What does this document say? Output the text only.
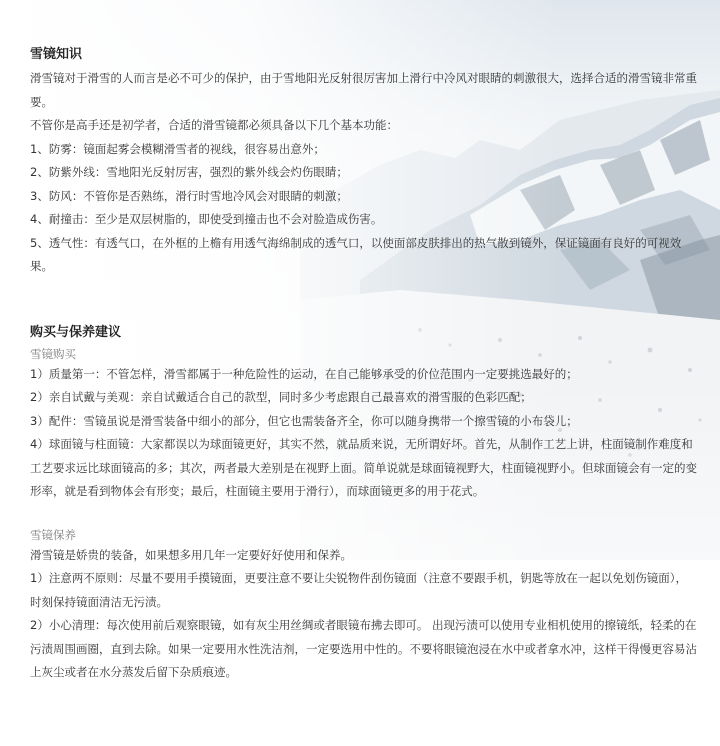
雪镜知识

滑雪镜对于滑雪的人而言是必不可少的保护，由于雪地阳光反射很厉害加上滑行中冷风对眼睛的刺激很大，选择合适的滑雪镜非常重要。

不管你是高手还是初学者，合适的滑雪镜都必须具备以下几个基本功能：

1、防雾：镜面起雾会模糊滑雪者的视线，很容易出意外；

2、防紫外线：雪地阳光反射厉害，强烈的紫外线会灼伤眼睛；

3、防风：不管你是否熟练，滑行时雪地冷风会对眼睛的刺激；

4、耐撞击：至少是双层树脂的，即使受到撞击也不会对脸造成伤害。

5、透气性：有透气口，在外框的上檐有用透气海绵制成的透气口，以使面部皮肤排出的热气散到镜外，保证镜面有良好的可视效果。

购买与保养建议
雪镜购买

1）质量第一：不管怎样，滑雪都属于一种危险性的运动，在自己能够承受的价位范围内一定要挑选最好的；

2）亲自试戴与美观：亲自试戴适合自己的款型，同时多少考虑跟自己最喜欢的滑雪服的色彩匹配；

3）配件：雪镜虽说是滑雪装备中细小的部分，但它也需装备齐全，你可以随身携带一个擦雪镜的小布袋儿；

4）球面镜与柱面镜：大家都误以为球面镜更好，其实不然，就品质来说，无所谓好坏。首先，从制作工艺上讲，柱面镜制作难度和工艺要求远比球面镜高的多；其次，两者最大差别是在视野上面。简单说就是球面镜视野大，柱面镜视野小。但球面镜会有一定的变形率，就是看到物体会有形变；最后，柱面镜主要用于滑行），而球面镜更多的用于花式。

雪镜保养

滑雪镜是娇贵的装备，如果想多用几年一定要好好使用和保养。

1）注意两不原则：尽量不要用手摸镜面，更要注意不要让尖锐物件刮伤镜面（注意不要跟手机，钥匙等放在一起以免划伤镜面），时刻保持镜面清洁无污渍。

2）小心清理：每次使用前后观察眼镜，如有灰尘用丝绸或者眼镜布拂去即可。 出现污渍可以使用专业相机使用的擦镜纸，轻柔的在污渍周围画圈，直到去除。如果一定要用水性洗洁剂，一定要选用中性的。不要将眼镜泡浸在水中或者拿水冲，这样干得慢更容易沾上灰尘或者在水分蒸发后留下杂质痕迹。
